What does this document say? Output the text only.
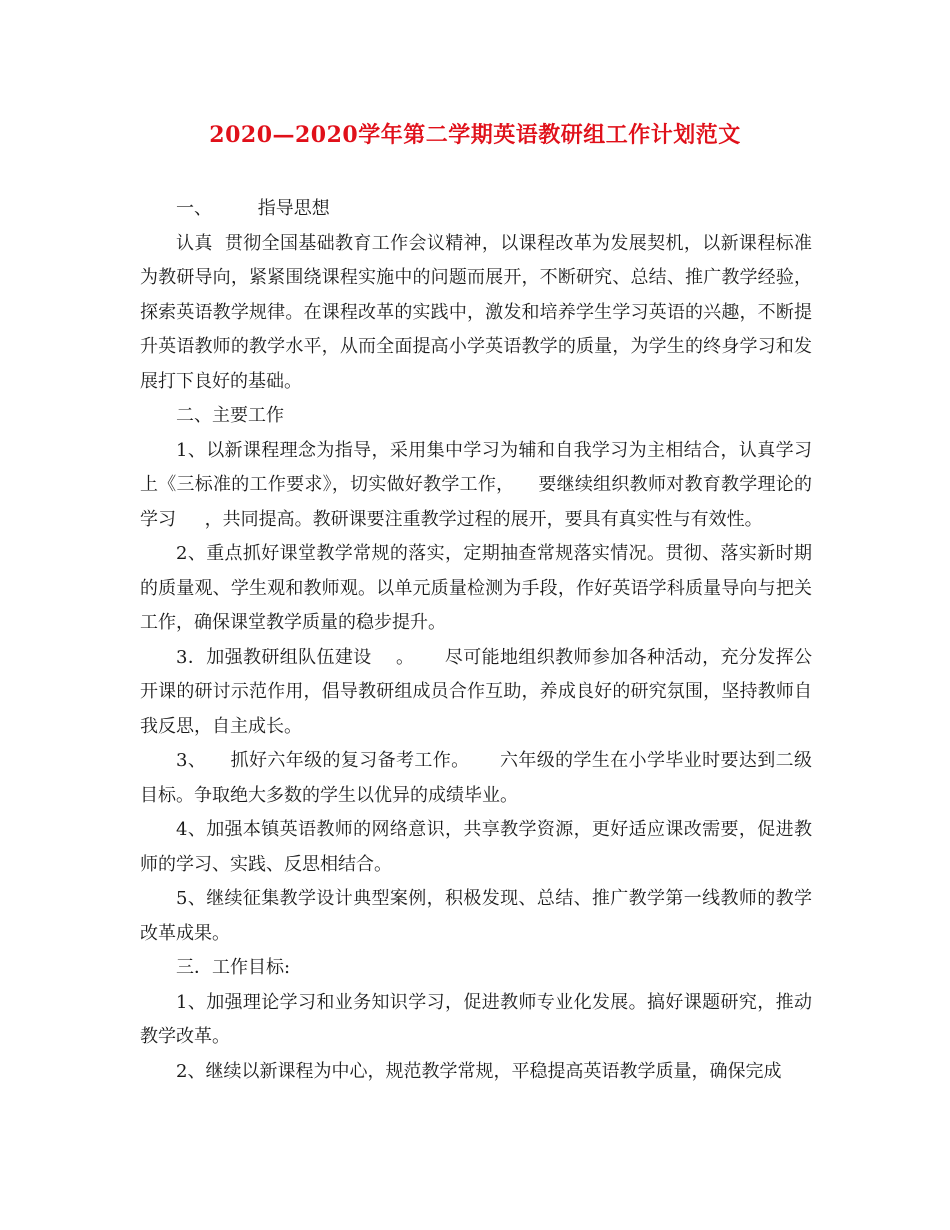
2020—2020学年第二学期英语教研组工作计划范文

一、	指导思想

认真 贯彻全国基础教育工作会议精神，以课程改革为发展契机，以新课程标准为教研导向，紧紧围绕课程实施中的问题而展开，不断研究、总结、推广教学经验，探索英语教学规律。在课程改革的实践中，激发和培养学生学习英语的兴趣，不断提升英语教师的教学水平，从而全面提高小学英语教学的质量，为学生的终身学习和发展打下良好的基础。

二、主要工作

1、以新课程理念为指导，采用集中学习为辅和自我学习为主相结合，认真学习上《三标准的工作要求》，切实做好教学工作， 要继续组织教师对教育教学理论的学习 ，共同提高。教研课要注重教学过程的展开，要具有真实性与有效性。

2、重点抓好课堂教学常规的落实，定期抽查常规落实情况。贯彻、落实新时期的质量观、学生观和教师观。以单元质量检测为手段，作好英语学科质量导向与把关工作，确保课堂教学质量的稳步提升。

3．加强教研组队伍建设 。 尽可能地组织教师参加各种活动，充分发挥公开课的研讨示范作用，倡导教研组成员合作互助，养成良好的研究氛围，坚持教师自我反思，自主成长。

3、 抓好六年级的复习备考工作。 六年级的学生在小学毕业时要达到二级目标。争取绝大多数的学生以优异的成绩毕业。

4、加强本镇英语教师的网络意识，共享教学资源，更好适应课改需要，促进教师的学习、实践、反思相结合。

5、继续征集教学设计典型案例，积极发现、总结、推广教学第一线教师的教学改革成果。

三．工作目标:

1、加强理论学习和业务知识学习，促进教师专业化发展。搞好课题研究，推动教学改革。

2、继续以新课程为中心，规范教学常规，平稳提高英语教学质量，确保完成
